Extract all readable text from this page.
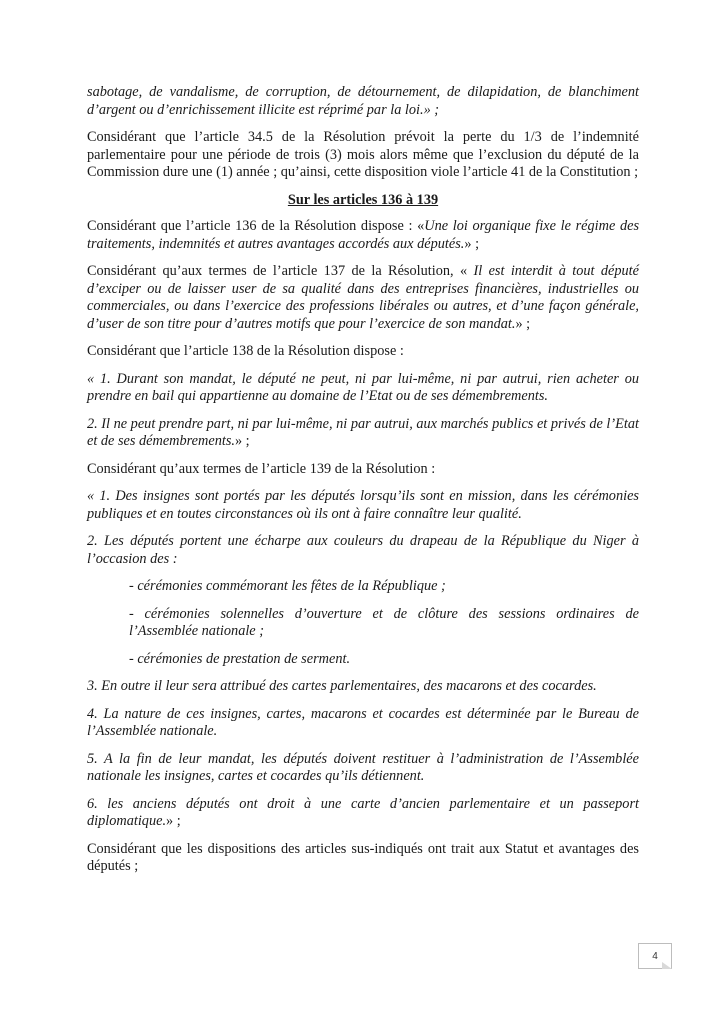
sabotage, de vandalisme, de corruption, de détournement, de dilapidation, de blanchiment d’argent ou d’enrichissement illicite est réprimé par la loi.» ;

Considérant que l’article 34.5 de la Résolution prévoit la perte du 1/3 de l’indemnité parlementaire pour une période de trois (3) mois alors même que l’exclusion du député de la Commission dure une (1) année ; qu’ainsi, cette disposition viole l’article 41 de la Constitution ;

Sur les articles 136 à 139

Considérant que l’article 136 de la Résolution dispose : «Une loi organique fixe le régime des traitements, indemnités et autres avantages accordés aux députés.» ;

Considérant qu’aux termes de l’article 137 de la Résolution, « Il est interdit à tout député d’exciper ou de laisser user de sa qualité dans des entreprises financières, industrielles ou commerciales, ou dans l’exercice des professions libérales ou autres, et d’une façon générale, d’user de son titre pour d’autres motifs que pour l’exercice de son mandat.» ;

Considérant que l’article 138 de la Résolution dispose :

« 1. Durant son mandat, le député ne peut, ni par lui-même, ni par autrui, rien acheter ou prendre en bail qui appartienne au domaine de l’Etat ou de ses démembrements.

2. Il ne peut prendre part, ni par lui-même, ni par autrui, aux marchés publics et privés de l’Etat et de ses démembrements.» ;

Considérant qu’aux termes de l’article 139 de la Résolution :

« 1. Des insignes sont portés par les députés lorsqu’ils sont en mission, dans les cérémonies publiques et en toutes circonstances où ils ont à faire connaître leur qualité.

2. Les députés portent une écharpe aux couleurs du drapeau de la République du Niger à l’occasion des :

- cérémonies commémorant les fêtes de la République ;

- cérémonies solennelles d’ouverture et de clôture des sessions ordinaires de l’Assemblée nationale ;

- cérémonies de prestation de serment.

3. En outre il leur sera attribué des cartes parlementaires, des macarons et des cocardes.

4. La nature de ces insignes, cartes, macarons et cocardes est déterminée par le Bureau de l’Assemblée nationale.

5. A la fin de leur mandat, les députés doivent restituer à l’administration de l’Assemblée nationale les insignes, cartes et cocardes qu’ils détiennent.

6. les anciens députés ont droit à une carte d’ancien parlementaire et un passeport diplomatique.» ;

Considérant que les dispositions des articles sus-indiqués ont trait aux Statut et avantages des députés ;

4
